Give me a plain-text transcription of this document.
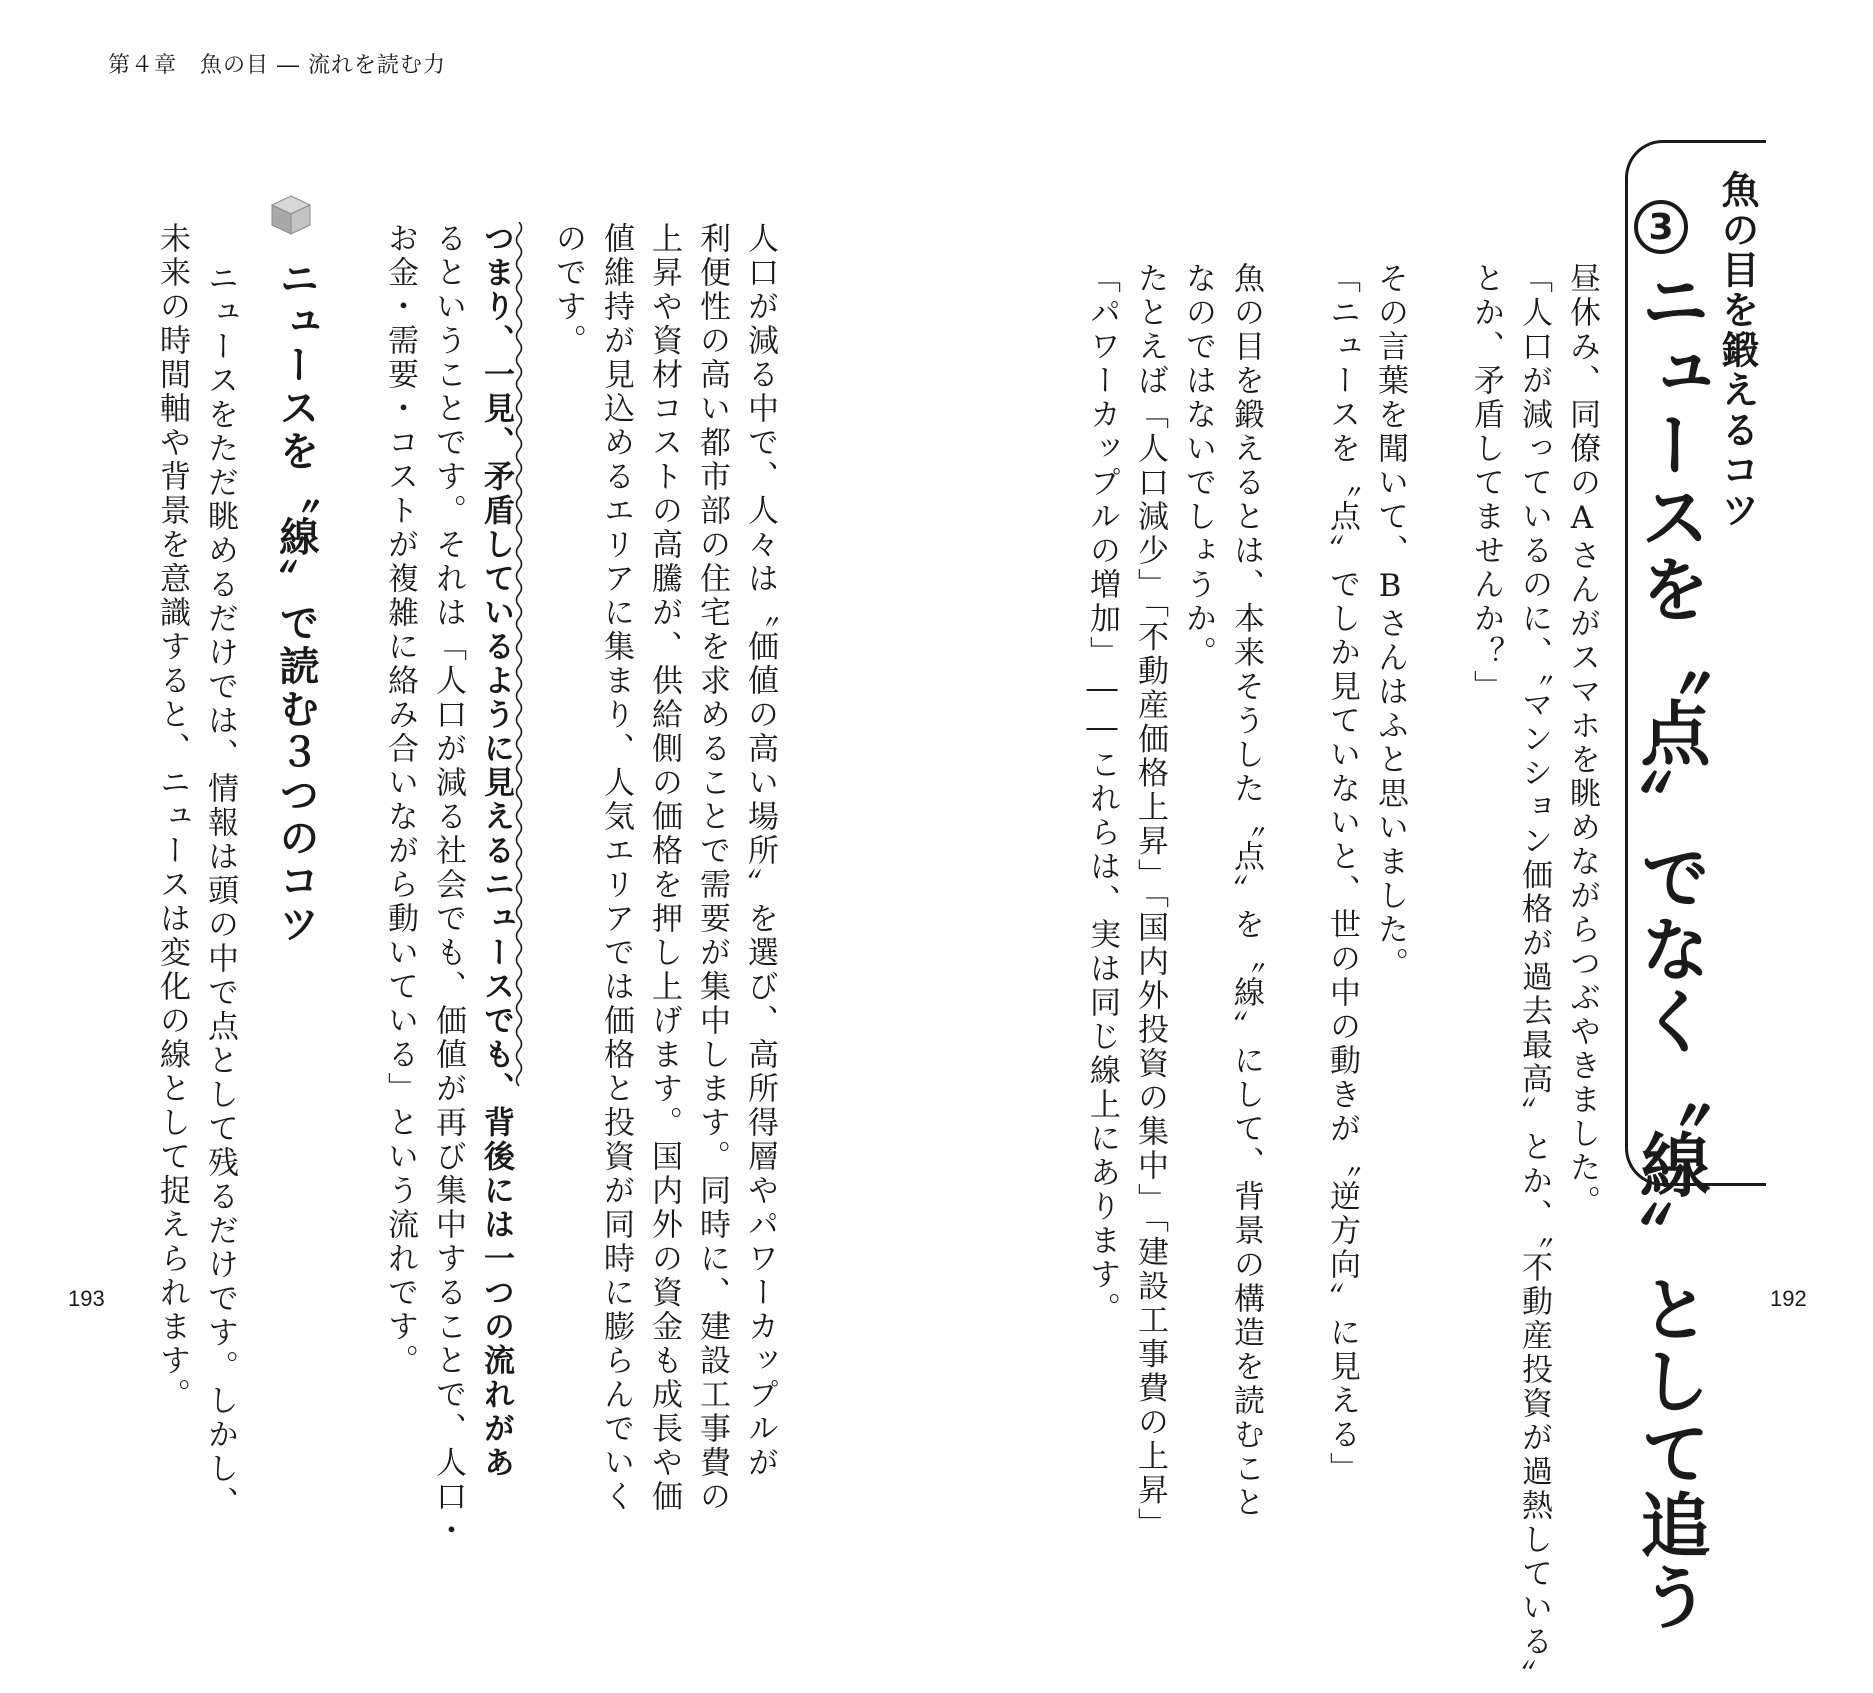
第４章　魚の目 ― 流れを読む力
魚の目を鍛えるコツ
3
ニュースを〝点〟でなく〝線〟として追う
昼休み、同僚のAさんがスマホを眺めながらつぶやきました。
「人口が減っているのに、〝マンション価格が過去最高〟とか、〝不動産投資が過熱している〟
とか、矛盾してませんか？」
その言葉を聞いて、Bさんはふと思いました。
「ニュースを〝点〟でしか見ていないと、世の中の動きが〝逆方向〟に見える」
魚の目を鍛えるとは、本来そうした〝点〟を〝線〟にして、背景の構造を読むこと
なのではないでしょうか。
たとえば「人口減少」「不動産価格上昇」「国内外投資の集中」「建設工事費の上昇」
「パワーカップルの増加」――これらは、実は同じ線上にあります。
人口が減る中で、人々は〝価値の高い場所〟を選び、高所得層やパワーカップルが
利便性の高い都市部の住宅を求めることで需要が集中します。同時に、建設工事費の
上昇や資材コストの高騰が、供給側の価格を押し上げます。国内外の資金も成長や価
値維持が見込めるエリアに集まり、人気エリアでは価格と投資が同時に膨らんでいく
のです。
つまり、一見、矛盾しているように見えるニュースでも、背後には一つの流れがあ
るということです。それは「人口が減る社会でも、価値が再び集中することで、人口・
お金・需要・コストが複雑に絡み合いながら動いている」という流れです。
ニュースを〝線〟で読む３つのコツ
ニュースをただ眺めるだけでは、情報は頭の中で点として残るだけです。しかし、
未来の時間軸や背景を意識すると、ニュースは変化の線として捉えられます。
193	192
